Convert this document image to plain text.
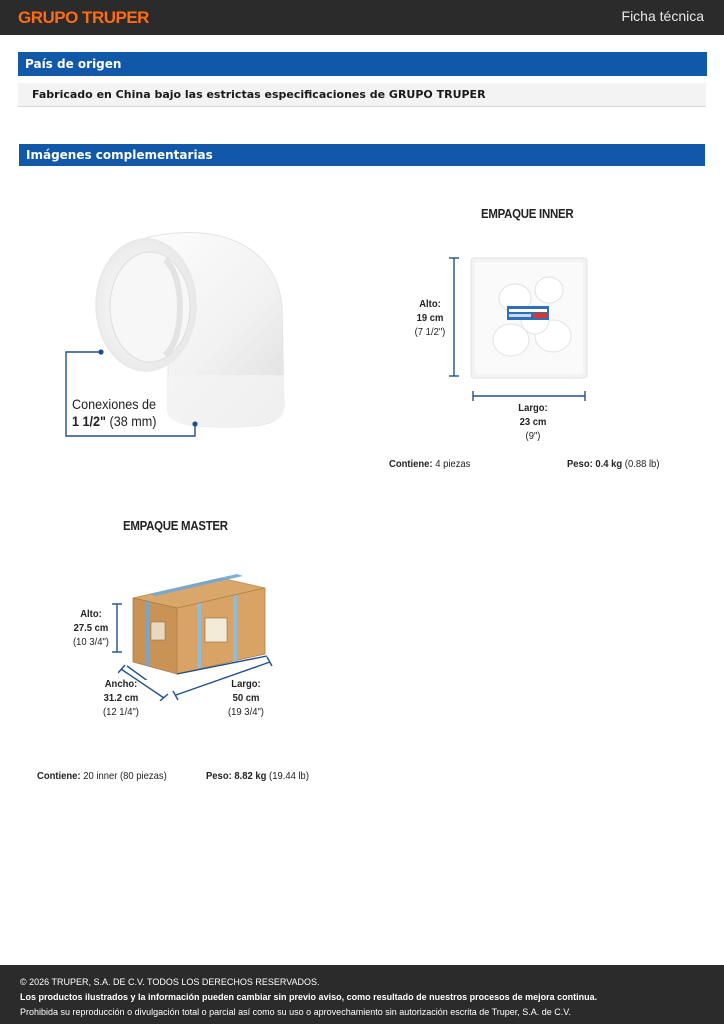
GRUPO TRUPER	Ficha técnica
País de origen
Fabricado en China bajo las estrictas especificaciones de GRUPO TRUPER
Imágenes complementarias
Conexiones de
1 1/2" (38 mm)
EMPAQUE INNER
Alto:
19 cm
(7 1/2")
Largo:
23 cm
(9")
Contiene: 4 piezas	Peso: 0.4 kg (0.88 lb)
EMPAQUE MASTER
Alto:
27.5 cm
(10 3/4")
Ancho:
31.2 cm
(12 1/4")
Largo:
50 cm
(19 3/4")
Contiene: 20 inner (80 piezas)	Peso: 8.82 kg (19.44 lb)
© 2026 TRUPER, S.A. DE C.V. TODOS LOS DERECHOS RESERVADOS.
Los productos ilustrados y la información pueden cambiar sin previo aviso, como resultado de nuestros procesos de mejora continua.
Prohibida su reproducción o divulgación total o parcial así como su uso o aprovechamiento sin autorización escrita de Truper, S.A. de C.V.
